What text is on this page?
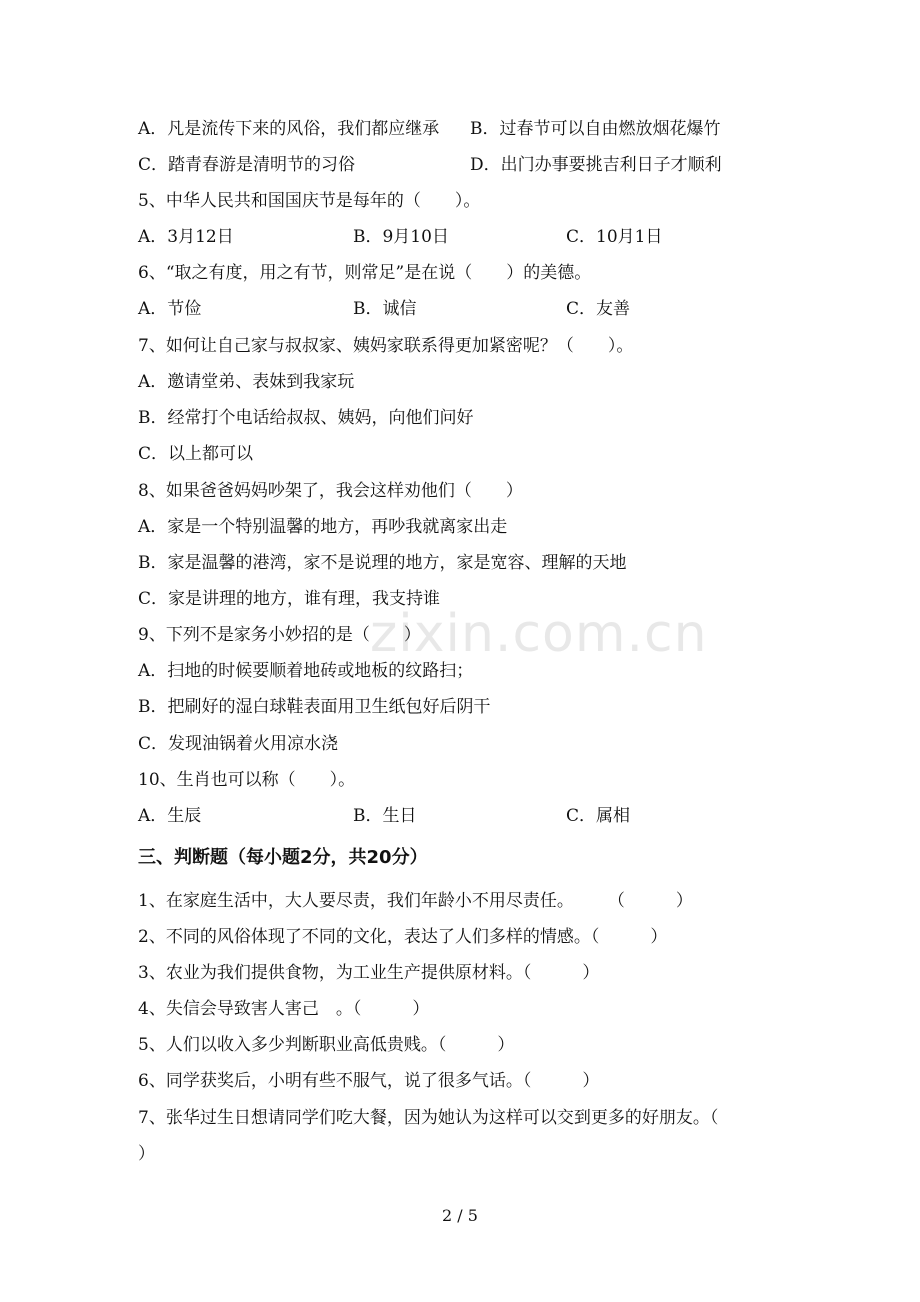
zixin.com.cn
A．凡是流传下来的风俗，我们都应继承 B．过春节可以自由燃放烟花爆竹
C．踏青春游是清明节的习俗	D．出门办事要挑吉利日子才顺利
5、中华人民共和国国庆节是每年的（　　）。
A．3月12日	B．9月10日	C．10月1日
6、“取之有度，用之有节，则常足”是在说（　　）的美德。
A．节俭	B．诚信	C．友善
7、如何让自己家与叔叔家、姨妈家联系得更加紧密呢？（　　）。
A．邀请堂弟、表妹到我家玩
B．经常打个电话给叔叔、姨妈，向他们问好
C．以上都可以
8、如果爸爸妈妈吵架了，我会这样劝他们（　　）
A．家是一个特别温馨的地方，再吵我就离家出走
B．家是温馨的港湾，家不是说理的地方，家是宽容、理解的天地
C．家是讲理的地方，谁有理，我支持谁
9、下列不是家务小妙招的是（　　）
A．扫地的时候要顺着地砖或地板的纹路扫；
B．把刷好的湿白球鞋表面用卫生纸包好后阴干
C．发现油锅着火用凉水浇
10、生肖也可以称（　　）。
A．生辰	B．生日	C．属相
三、判断题（每小题2分，共20分）
1、在家庭生活中，大人要尽责，我们年龄小不用尽责任。　　　（　　　）
2、不同的风俗体现了不同的文化，表达了人们多样的情感。（　　　）
3、农业为我们提供食物，为工业生产提供原材料。（　　　）
4、失信会导致害人害己　。（　　　）
5、人们以收入多少判断职业高低贵贱。（　　　）
6、同学获奖后，小明有些不服气，说了很多气话。（　　　）
7、张华过生日想请同学们吃大餐，因为她认为这样可以交到更多的好朋友。（
）
2 / 5
